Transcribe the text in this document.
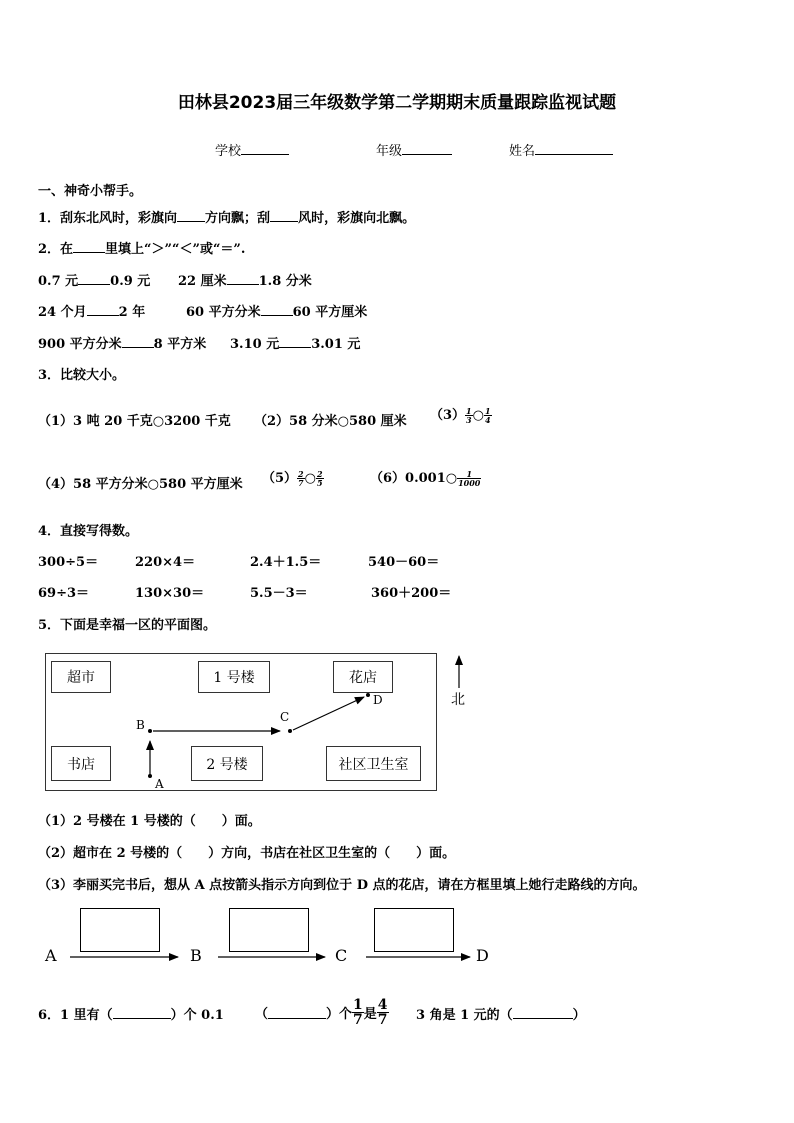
田林县2023届三年级数学第二学期期末质量跟踪监视试题
学校	年级	姓名
一、神奇小帮手。
1．刮东北风时，彩旗向 方向飘；刮 风时，彩旗向北飘。
2．在 里填上“＞”“＜”或“＝”.
0.7 元 0.9 元 22 厘米 1.8 分米
24 个月 2 年	60 平方分米 60 平方厘米
900 平方分米 8 平方米 3.10 元 3.01 元
3．比较大小。
（1）3 吨 20 千克○3200 千克 （2）58 分米○580 厘米 $(3) \frac{1}{3}$ ○ $\frac{1}{4}$
（4）58 平方分米○580 平方厘米 $(5) \frac{2}{7}$ ○ $\frac{2}{5}$	（6）0.001○ $\frac{1}{1000}$
4．直接写得数。
300÷5＝	220×4＝	2.4＋1.5＝	540－60＝
69÷3＝	130×30＝	5.5－3＝	360＋200＝
5．下面是幸福一区的平面图。
超市	1 号楼	花店
书店	2 号楼	社区卫生室
A
B
C
D	北
（1）2 号楼在 1 号楼的（　　）面。
（2）超市在 2 号楼的（　　）方向，书店在社区卫生室的（　　）面。
（3）李丽买完书后，想从 A 点按箭头指示方向到位于 D 点的花店，请在方框里填上她行走路线的方向。
A	B	C	D
6．1 里有（	）个 0.1 （	）个 $\frac{1}{7}$ 是 $\frac{4}{7} 3$ 角是 1 元的（	）
